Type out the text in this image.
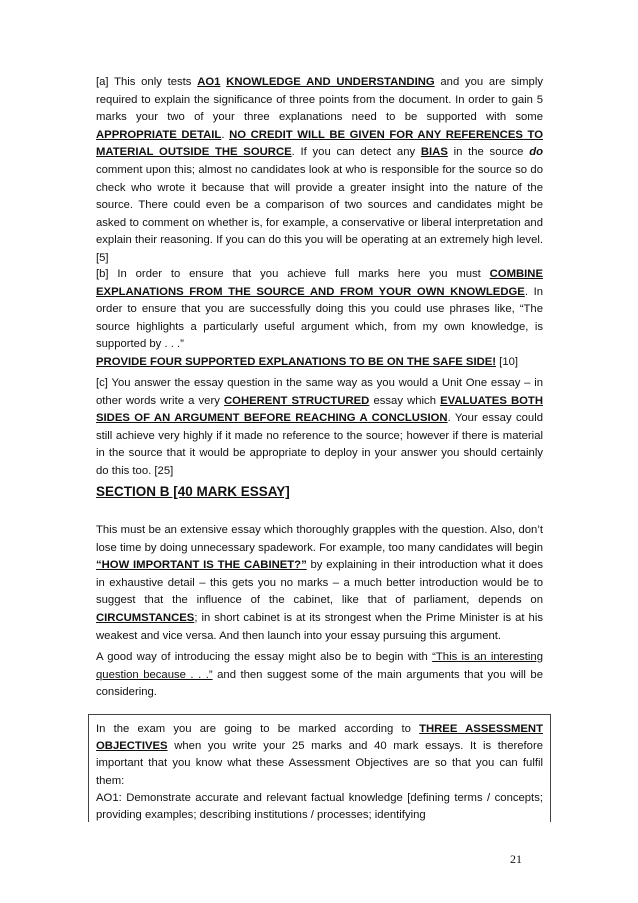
[a] This only tests AO1 KNOWLEDGE AND UNDERSTANDING and you are simply required to explain the significance of three points from the document. In order to gain 5 marks your two of your three explanations need to be supported with some APPROPRIATE DETAIL. NO CREDIT WILL BE GIVEN FOR ANY REFERENCES TO MATERIAL OUTSIDE THE SOURCE. If you can detect any BIAS in the source do comment upon this; almost no candidates look at who is responsible for the source so do check who wrote it because that will provide a greater insight into the nature of the source. There could even be a comparison of two sources and candidates might be asked to comment on whether is, for example, a conservative or liberal interpretation and explain their reasoning. If you can do this you will be operating at an extremely high level. [5]

[b] In order to ensure that you achieve full marks here you must COMBINE EXPLANATIONS FROM THE SOURCE AND FROM YOUR OWN KNOWLEDGE. In order to ensure that you are successfully doing this you could use phrases like, “The source highlights a particularly useful argument which, from my own knowledge, is supported by . . .”
PROVIDE FOUR SUPPORTED EXPLANATIONS TO BE ON THE SAFE SIDE! [10]

[c] You answer the essay question in the same way as you would a Unit One essay – in other words write a very COHERENT STRUCTURED essay which EVALUATES BOTH SIDES OF AN ARGUMENT BEFORE REACHING A CONCLUSION. Your essay could still achieve very highly if it made no reference to the source; however if there is material in the source that it would be appropriate to deploy in your answer you should certainly do this too. [25]

SECTION B [40 MARK ESSAY]

This must be an extensive essay which thoroughly grapples with the question. Also, don’t lose time by doing unnecessary spadework. For example, too many candidates will begin “HOW IMPORTANT IS THE CABINET?” by explaining in their introduction what it does in exhaustive detail – this gets you no marks – a much better introduction would be to suggest that the influence of the cabinet, like that of parliament, depends on CIRCUMSTANCES; in short cabinet is at its strongest when the Prime Minister is at his weakest and vice versa. And then launch into your essay pursuing this argument.

A good way of introducing the essay might also be to begin with “This is an interesting question because . . .” and then suggest some of the main arguments that you will be considering.

In the exam you are going to be marked according to THREE ASSESSMENT OBJECTIVES when you write your 25 marks and 40 mark essays. It is therefore important that you know what these Assessment Objectives are so that you can fulfil them:

AO1: Demonstrate accurate and relevant factual knowledge [defining terms / concepts; providing examples; describing institutions / processes; identifying

21
